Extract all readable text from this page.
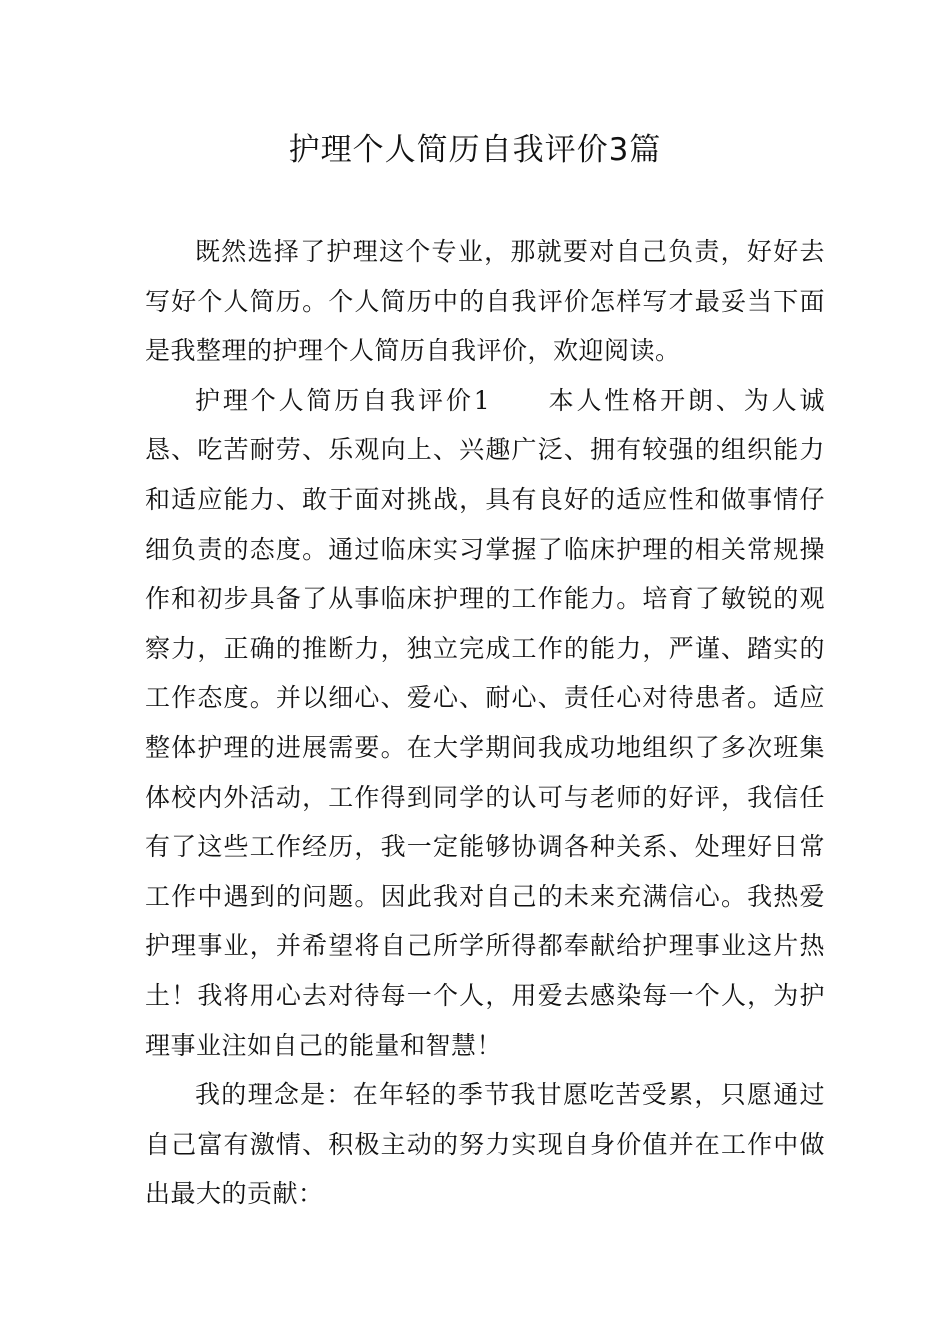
护理个人简历自我评价3篇

既然选择了护理这个专业，那就要对自己负责，好好去写好个人简历。个人简历中的自我评价怎样写才最妥当下面是我整理的护理个人简历自我评价，欢迎阅读。

护理个人简历自我评价1 本人性格开朗、为人诚恳、吃苦耐劳、乐观向上、兴趣广泛、拥有较强的组织能力和适应能力、敢于面对挑战，具有良好的适应性和做事情仔细负责的态度。通过临床实习掌握了临床护理的相关常规操作和初步具备了从事临床护理的工作能力。培育了敏锐的观察力，正确的推断力，独立完成工作的能力，严谨、踏实的工作态度。并以细心、爱心、耐心、责任心对待患者。适应整体护理的进展需要。在大学期间我成功地组织了多次班集体校内外活动，工作得到同学的认可与老师的好评，我信任有了这些工作经历，我一定能够协调各种关系、处理好日常工作中遇到的问题。因此我对自己的未来充满信心。我热爱护理事业，并希望将自己所学所得都奉献给护理事业这片热土！我将用心去对待每一个人，用爱去感染每一个人，为护理事业注如自己的能量和智慧！

我的理念是：在年轻的季节我甘愿吃苦受累，只愿通过自己富有激情、积极主动的努力实现自身价值并在工作中做出最大的贡献：
